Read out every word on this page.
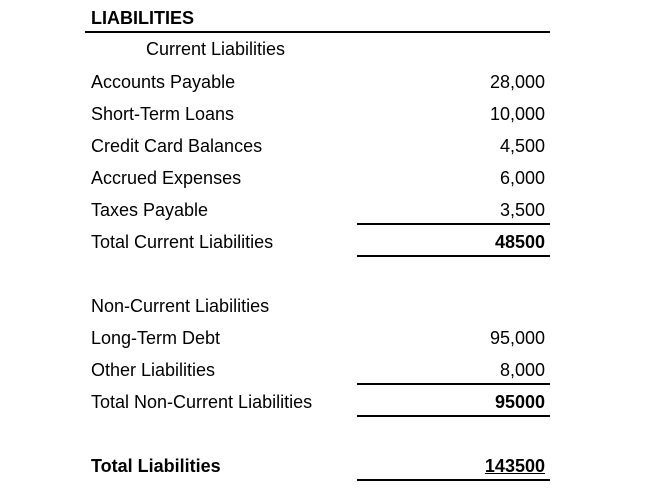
LIABILITIES
Current Liabilities
Accounts Payable	28,000
Short-Term Loans	10,000
Credit Card Balances	4,500
Accrued Expenses	6,000
Taxes Payable	3,500
Total Current Liabilities	48500
Non-Current Liabilities
Long-Term Debt	95,000
Other Liabilities	8,000
Total Non-Current Liabilities	95000
Total Liabilities	143500
